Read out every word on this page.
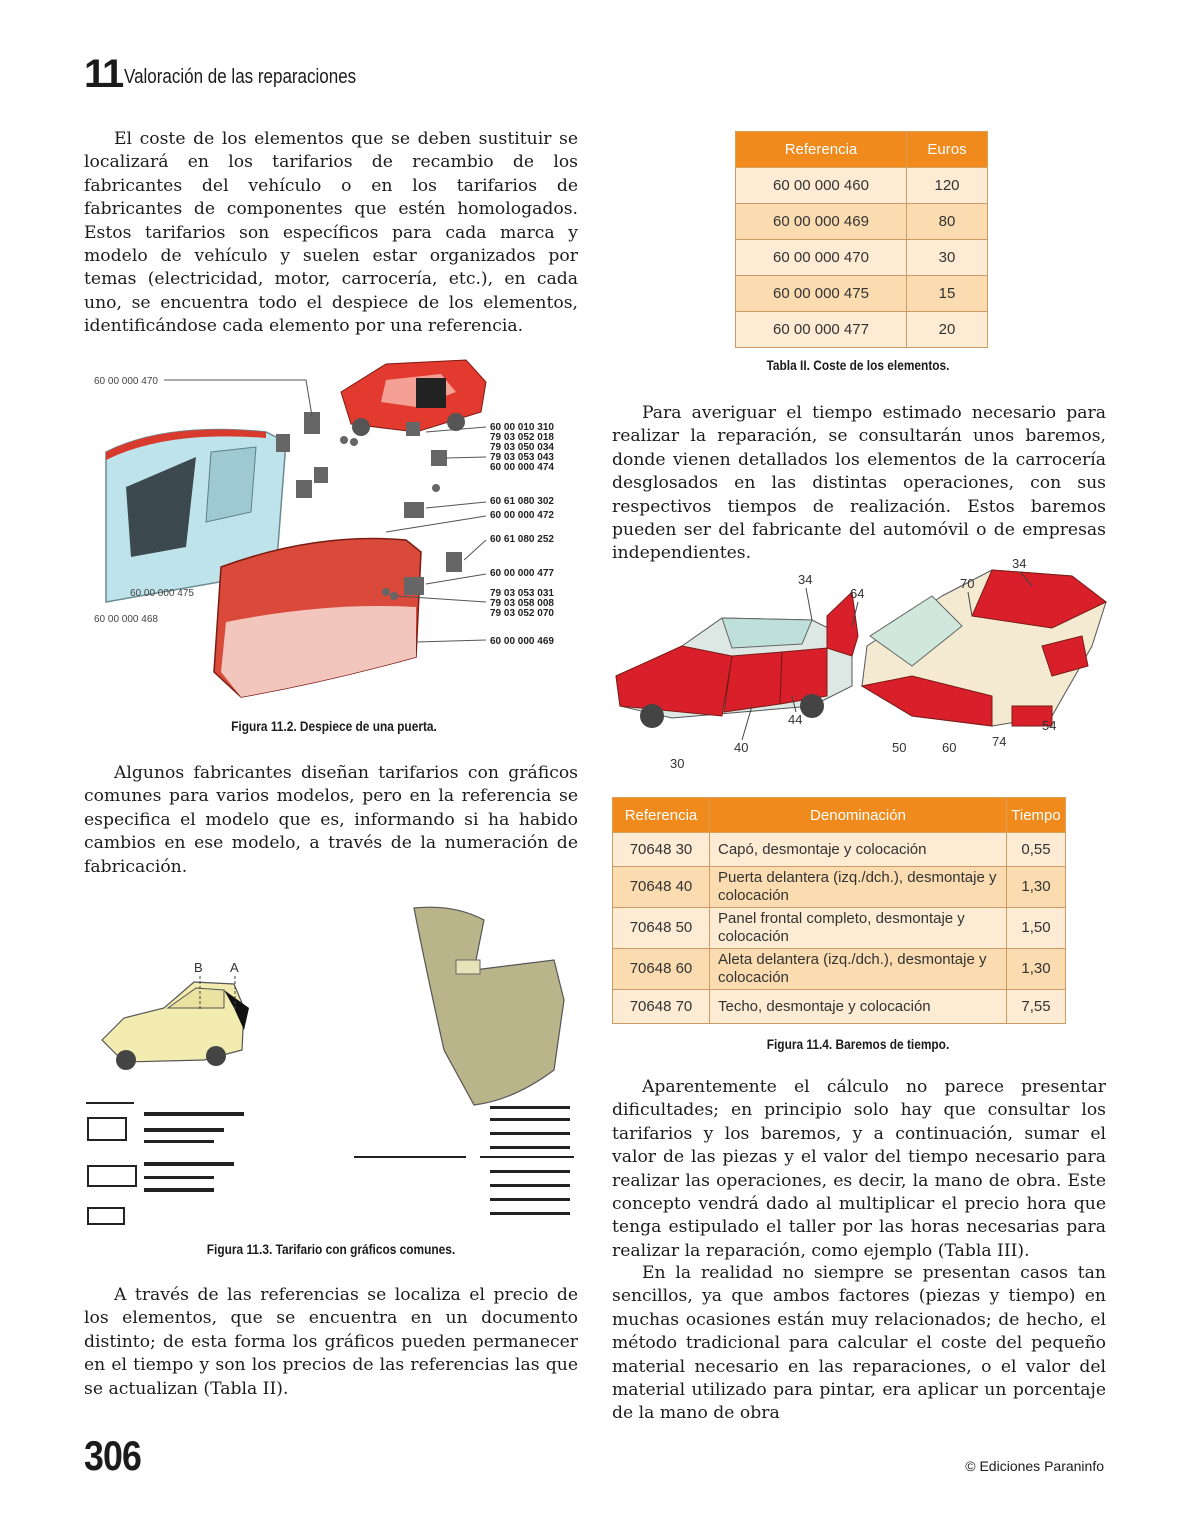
11 Valoración de las reparaciones

El coste de los elementos que se deben sustituir se localizará en los tarifarios de recambio de los fabricantes del vehículo o en los tarifarios de fabricantes de componentes que estén homologados. Estos tarifarios son específicos para cada marca y modelo de vehículo y suelen estar organizados por temas (electricidad, motor, carrocería, etc.), en cada uno, se encuentra todo el despiece de los elementos, identificándose cada elemento por una referencia.

60 00 000 470
60 00 000 475
60 00 000 468
60 00 010 310
79 03 052 018
79 03 050 034
79 03 053 043
60 00 000 474
60 61 080 302
60 00 000 472
60 61 080 252
60 00 000 477
79 03 053 031
79 03 058 008
79 03 052 070
60 00 000 469
Figura 11.2. Despiece de una puerta.

Algunos fabricantes diseñan tarifarios con gráficos comunes para varios modelos, pero en la referencia se especifica el modelo que es, informando si ha habido cambios en ese modelo, a través de la numeración de fabricación.

B A
Figura 11.3. Tarifario con gráficos comunes.

A través de las referencias se localiza el precio de los elementos, que se encuentra en un documento distinto; de esta forma los gráficos pueden permanecer en el tiempo y son los precios de las referencias las que se actualizan (Tabla II).

Referencia	Euros
60 00 000 460	120
60 00 000 469	80
60 00 000 470	30
60 00 000 475	15
60 00 000 477	20
Tabla II. Coste de los elementos.

Para averiguar el tiempo estimado necesario para realizar la reparación, se consultarán unos baremos, donde vienen detallados los elementos de la carrocería desglosados en las distintas operaciones, con sus respectivos tiempos de realización. Estos baremos pueden ser del fabricante del automóvil o de empresas independientes.

34
64
70
34
44
40
30
50	60	74
54
Referencia	Denominación	Tiempo
70648 30	Capó, desmontaje y colocación	0,55
70648 40	Puerta delantera (izq./dch.), desmontaje y colocación	1,30
70648 50	Panel frontal completo, desmontaje y colocación	1,50
70648 60	Aleta delantera (izq./dch.), desmontaje y colocación	1,30
70648 70	Techo, desmontaje y colocación	7,55
Figura 11.4. Baremos de tiempo.

Aparentemente el cálculo no parece presentar dificultades; en principio solo hay que consultar los tarifarios y los baremos, y a continuación, sumar el valor de las piezas y el valor del tiempo necesario para realizar las operaciones, es decir, la mano de obra. Este concepto vendrá dado al multiplicar el precio hora que tenga estipulado el taller por las horas necesarias para realizar la reparación, como ejemplo (Tabla III).

En la realidad no siempre se presentan casos tan sencillos, ya que ambos factores (piezas y tiempo) en muchas ocasiones están muy relacionados; de hecho, el método tradicional para calcular el coste del pequeño material necesario en las reparaciones, o el valor del material utilizado para pintar, era aplicar un porcentaje de la mano de obra

306	© Ediciones Paraninfo
